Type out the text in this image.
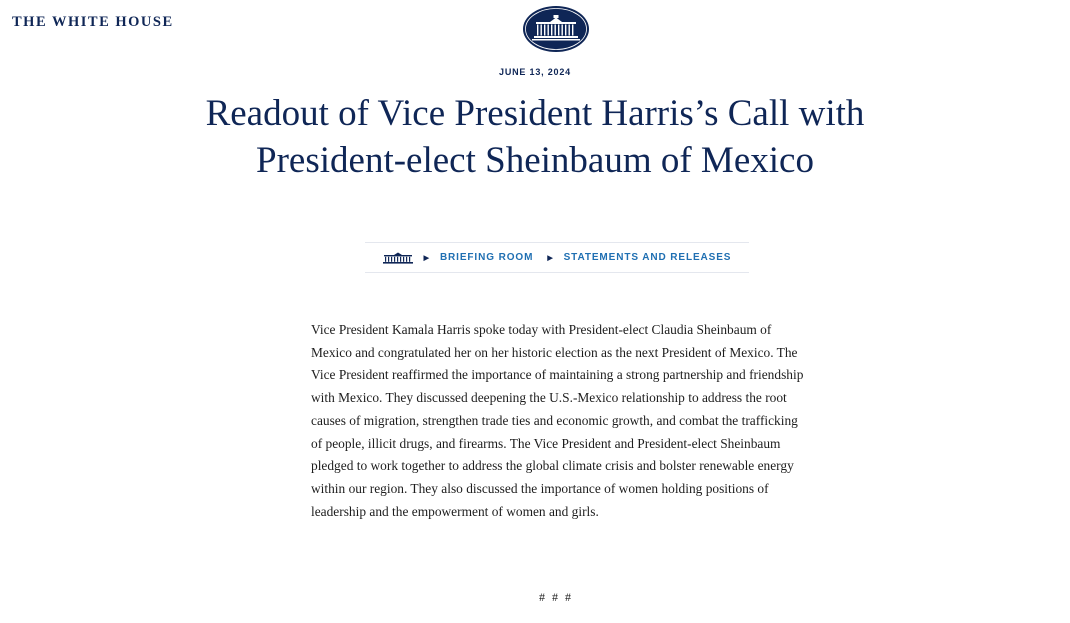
THE WHITE HOUSE
JUNE 13, 2024
Readout of Vice President Harris’s Call with President-elect Sheinbaum of Mexico
▶ BRIEFING ROOM ▶ STATEMENTS AND RELEASES

Vice President Kamala Harris spoke today with President-elect Claudia Sheinbaum of Mexico and congratulated her on her historic election as the next President of Mexico. The Vice President reaffirmed the importance of maintaining a strong partnership and friendship with Mexico. They discussed deepening the U.S.-Mexico relationship to address the root causes of migration, strengthen trade ties and economic growth, and combat the trafficking of people, illicit drugs, and firearms. The Vice President and President-elect Sheinbaum pledged to work together to address the global climate crisis and bolster renewable energy within our region. They also discussed the importance of women holding positions of leadership and the empowerment of women and girls.

# # #
